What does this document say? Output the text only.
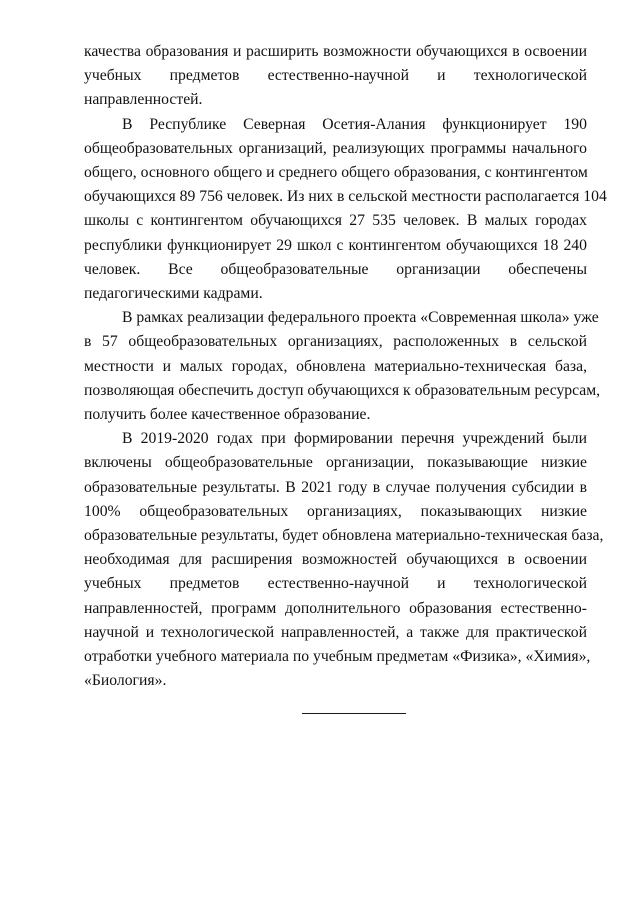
качества образования и расширить возможности обучающихся в освоении
учебных предметов естественно-научной и технологической
направленностей.

В Республике Северная Осетия-Алания функционирует 190
общеобразовательных организаций, реализующих программы начального
общего, основного общего и среднего общего образования, с контингентом
обучающихся 89 756 человек. Из них в сельской местности располагается 104
школы с контингентом обучающихся 27 535 человек. В малых городах
республики функционирует 29 школ с контингентом обучающихся 18 240
человек. Все общеобразовательные организации обеспечены
педагогическими кадрами.

В рамках реализации федерального проекта «Современная школа» уже
в 57 общеобразовательных организациях, расположенных в сельской
местности и малых городах, обновлена материально-техническая база,
позволяющая обеспечить доступ обучающихся к образовательным ресурсам,
получить более качественное образование.

В 2019-2020 годах при формировании перечня учреждений были
включены общеобразовательные организации, показывающие низкие
образовательные результаты. В 2021 году в случае получения субсидии в
100% общеобразовательных организациях, показывающих низкие
образовательные результаты, будет обновлена материально-техническая база,
необходимая для расширения возможностей обучающихся в освоении
учебных предметов естественно-научной и технологической
направленностей, программ дополнительного образования естественно-
научной и технологической направленностей, а также для практической
отработки учебного материала по учебным предметам «Физика», «Химия»,
«Биология».
